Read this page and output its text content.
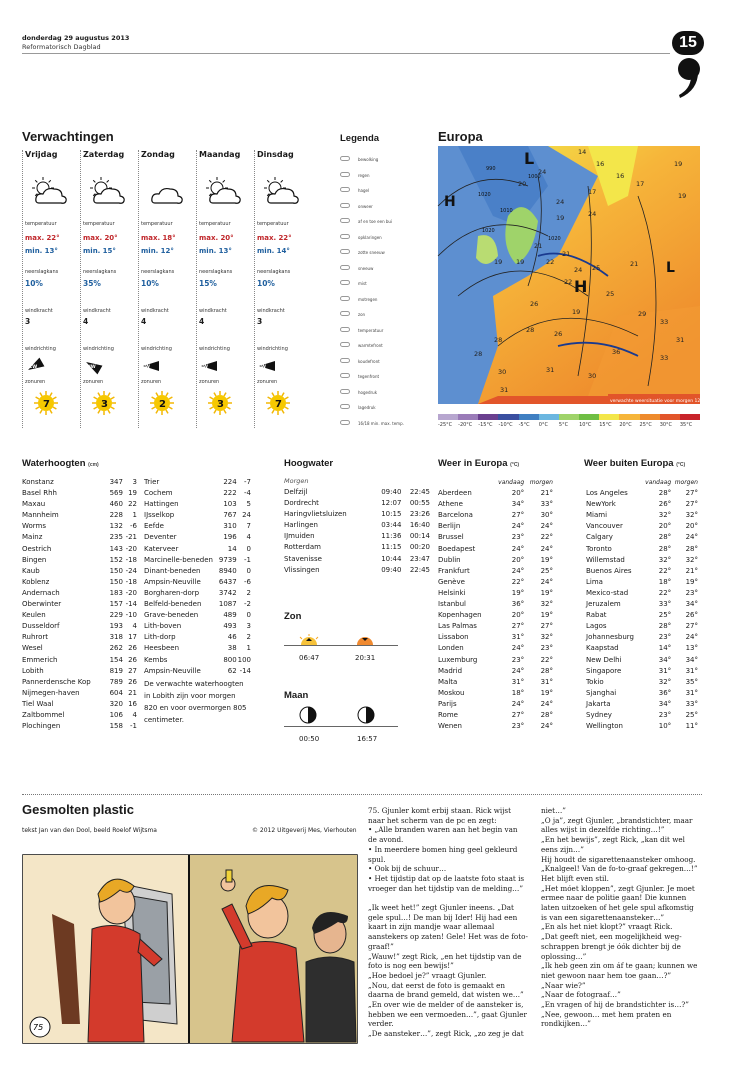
donderdag 29 augustus 2013
Reformatorisch Dagblad	15
Verwachtingen
Vrijdag
temperatuur
max. 22°
min. 13°
neerslagkans
10%
windkracht
3
windrichting
ZW
zonuren
7
Zaterdag
temperatuur
max. 20°
min. 15°
neerslagkans
35%
windkracht
4
windrichting
NW
zonuren
3
Zondag
temperatuur
max. 18°
min. 12°
neerslagkans
10%
windkracht
4
windrichting
W
zonuren
2
Maandag
temperatuur
max. 20°
min. 13°
neerslagkans
15%
windkracht
4
windrichting
W
zonuren
3
Dinsdag
temperatuur
max. 22°
min. 14°
neerslagkans
10%
windkracht
3
windrichting
W
zonuren
7
Legenda
bewolking
regen
hagel
onweer
af en toe een bui
opklaringen
zotte sneeuw
sneeuw
mist
motregen
zon
temperatuur
warmtefront
koudefront
tegenfront
hogedruk
lagedruk
16/18 min. max. temp.
Europa
L
H
H
L
990
1000
1010
1020
1020
1020
14
16
16
17
19
19
20
24
24
24
19 19
21
22
21
24 25	21
25
26
22
19
28	26
29
33
31
36
33
30
31
30
31
28
28
17
19
verwachte weersituatie voor morgen 12.00 uur
-25°C -20°C -15°C -10°C -5°C 0°C 5°C 10°C 15°C 20°C 25°C 30°C 35°C
Waterhoogten (cm)
Konstanz	347	3
Basel Rhh	569	19
Maxau	460	22
Mannheim	228	1
Worms	132	-6
Mainz	235	-21
Oestrich	143	-20
Bingen	152	-18
Kaub	150	-24
Koblenz	150	-18
Andernach	183	-20
Oberwinter	157	-14
Keulen	229	-10
Dusseldorf	193	4
Ruhrort	318	17
Wesel	262	26
Emmerich	154	26
Lobith	819	27
Pannerdensche Kop	789	26
Nijmegen-haven	604	21
Tiel Waal	320	16
Zaltbommel	106	4
Plochingen	158	-1
Trier	224	-7
Cochem	222	-4
Hattingen	103	5
IJsselkop	767	24
Eefde	310	7
Deventer	196	4
Katerveer	14	0
Marcinelle-beneden	9739	-1
Dinant-beneden	8940	0
Ampsin-Neuville	6437	-6
Borgharen-dorp	3742	2
Belfeld-beneden	1087	-2
Grave-beneden	489	0
Lith-boven	493	3
Lith-dorp	46	2
Heesbeen	38	1
Kembs	800	100
Ampsin-Neuville	62	-14
De verwachte waterhoogten
in Lobith zijn voor morgen
820 en voor overmorgen 805
centimeter.
Hoogwater
Morgen
Delfzijl	09:40	22:45
Dordrecht	12:07	00:55
Haringvlietsluizen	10:15	23:26
Harlingen	03:44	16:40
IJmuiden	11:36	00:14
Rotterdam	11:15	00:20
Stavenisse	10:44	23:47
Vlissingen	09:40	22:45
Zon
06:47	20:31
Maan
00:50	16:57
Weer in Europa (°C)
	vandaag	morgen
Aberdeen	20°	21°
Athene	34°	33°
Barcelona	27°	30°
Berlijn	24°	24°
Brussel	23°	22°
Boedapest	24°	24°
Dublin	20°	19°
Frankfurt	24°	25°
Genève	22°	24°
Helsinki	19°	19°
Istanbul	36°	32°
Kopenhagen	20°	19°
Las Palmas	27°	27°
Lissabon	31°	32°
Londen	24°	23°
Luxemburg	23°	22°
Madrid	24°	28°
Malta	31°	31°
Moskou	18°	19°
Parijs	24°	24°
Rome	27°	28°
Wenen	23°	24°
Weer buiten Europa (°C)
	vandaag	morgen
Los Angeles	28°	27°
NewYork	26°	27°
Miami	32°	32°
Vancouver	20°	20°
Calgary	28°	24°
Toronto	28°	28°
Willemstad	32°	32°
Buenos Aires	22°	21°
Lima	18°	19°
Mexico-stad	22°	23°
Jeruzalem	33°	34°
Rabat	25°	26°
Lagos	28°	27°
Johannesburg	23°	24°
Kaapstad	14°	13°
New Delhi	34°	34°
Singapore	31°	31°
Tokio	32°	35°
Sjanghai	36°	31°
Jakarta	34°	33°
Sydney	23°	25°
Wellington	10°	11°
Gesmolten plastic
tekst Jan van den Dool, beeld Roelof Wijtsma	© 2012 Uitgeverij Mes, Vierhouten
75
75. Gjunler komt erbij staan. Rick wijst naar het scherm van de pc en zegt:
• „Alle branden waren aan het begin van de avond.
• In meerdere bomen hing geel gekleurd spul.
• Ook bij de schuur…
• Het tijdstip dat op de laatste foto staat is vroeger dan het tijdstip van de melding…”

„Ik weet het!” zegt Gjunler ineens. „Dat gele spul…! De man bij Ider! Hij had een kaart in zijn mandje waar allemaal aanstekers op zaten! Gele! Het was de fotograaf!”
„Wauw!” zegt Rick, „en het tijdstip van de foto is nog een bewijs!”
„Hoe bedoel je?” vraagt Gjunler.
„Nou, dat eerst de foto is gemaakt en daarna de brand gemeld, dat wisten we…”
„En over wie de melder of de aansteker is, hebben we een vermoeden…”, gaat Gjunler verder.
„De aansteker…”, zegt Rick, „zo zeg je dat
niet…”
„O ja”, zegt Gjunler, „brandstichter, maar alles wijst in dezelfde richting…!”
„En het bewijs”, zegt Rick, „kan dit wel eens zijn…”
Hij houdt de sigarettenaansteker omhoog.
„Knalgeel! Van de fo-to-graaf gekregen…!”
Het blijft even stil.
„Het móet kloppen”, zegt Gjunler. Je moet ermee naar de politie gaan! Die kunnen laten uitzoeken of het gele spul afkomstig is van een sigarettenaansteker…”
„En als het niet klopt?” vraagt Rick.
„Dat geeft niet, een mogelijkheid wegschrappen brengt je óók dichter bij de oplossing…”
„Ik heb geen zin om áf te gaan; kunnen we niet gewoon naar hem toe gaan…?”
„Naar wie?”
„Naar de fotograaf…”
„En vragen of hij de brandstichter is…?”
„Nee, gewoon… met hem praten en rondkijken…”
